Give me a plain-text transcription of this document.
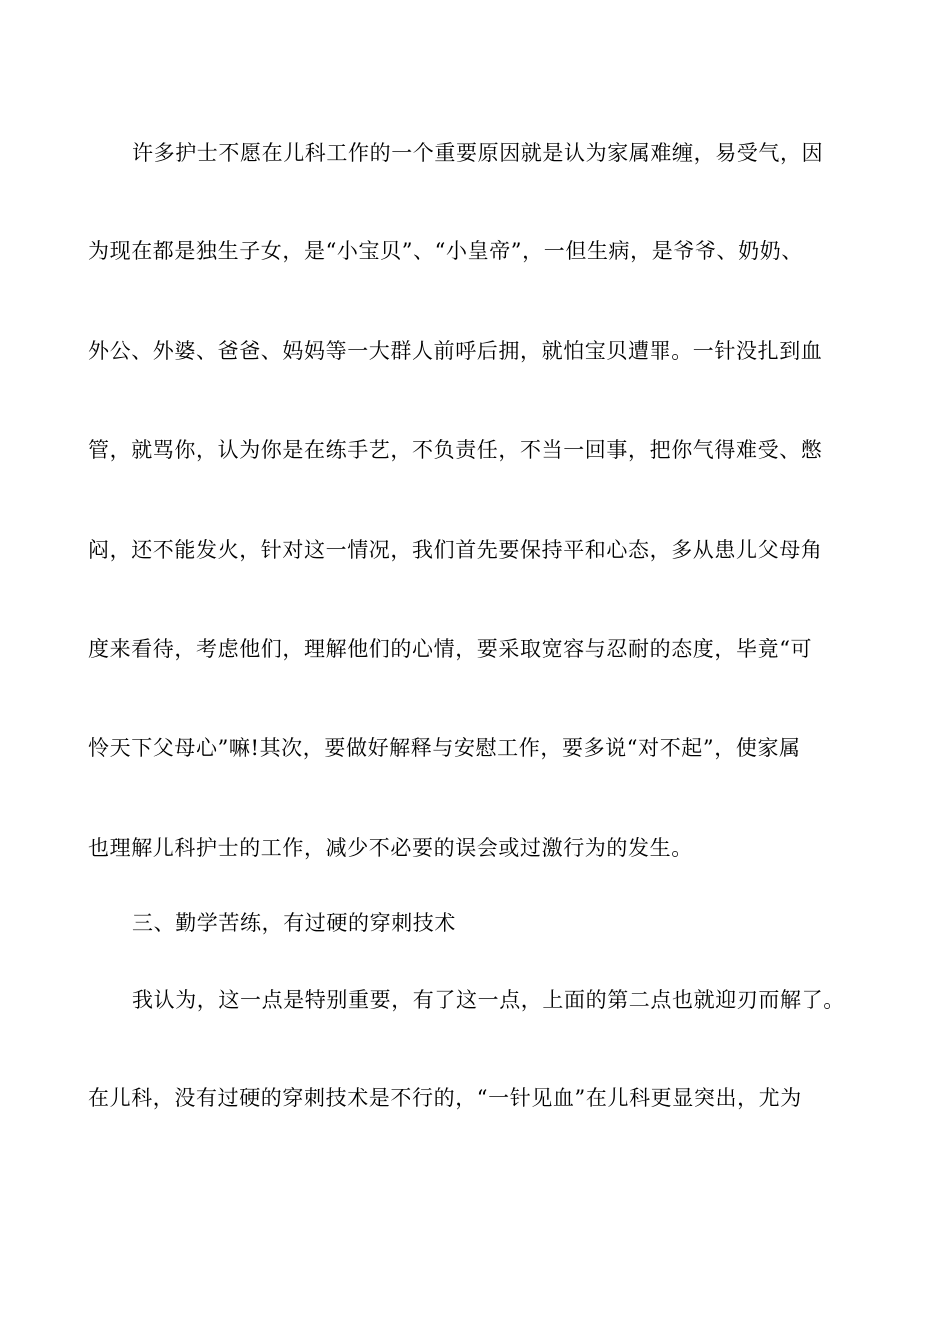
许多护士不愿在儿科工作的一个重要原因就是认为家属难缠，易受气，因
为现在都是独生子女，是“小宝贝”、“小皇帝”，一但生病，是爷爷、奶奶、
外公、外婆、爸爸、妈妈等一大群人前呼后拥，就怕宝贝遭罪。一针没扎到血
管，就骂你，认为你是在练手艺，不负责任，不当一回事，把你气得难受、憋
闷，还不能发火，针对这一情况，我们首先要保持平和心态，多从患儿父母角
度来看待，考虑他们，理解他们的心情，要采取宽容与忍耐的态度，毕竟“可
怜天下父母心”嘛!其次，要做好解释与安慰工作，要多说“对不起”，使家属
也理解儿科护士的工作，减少不必要的误会或过激行为的发生。
三、勤学苦练，有过硬的穿刺技术
我认为，这一点是特别重要，有了这一点，上面的第二点也就迎刃而解了。
在儿科，没有过硬的穿刺技术是不行的，“一针见血”在儿科更显突出，尤为
